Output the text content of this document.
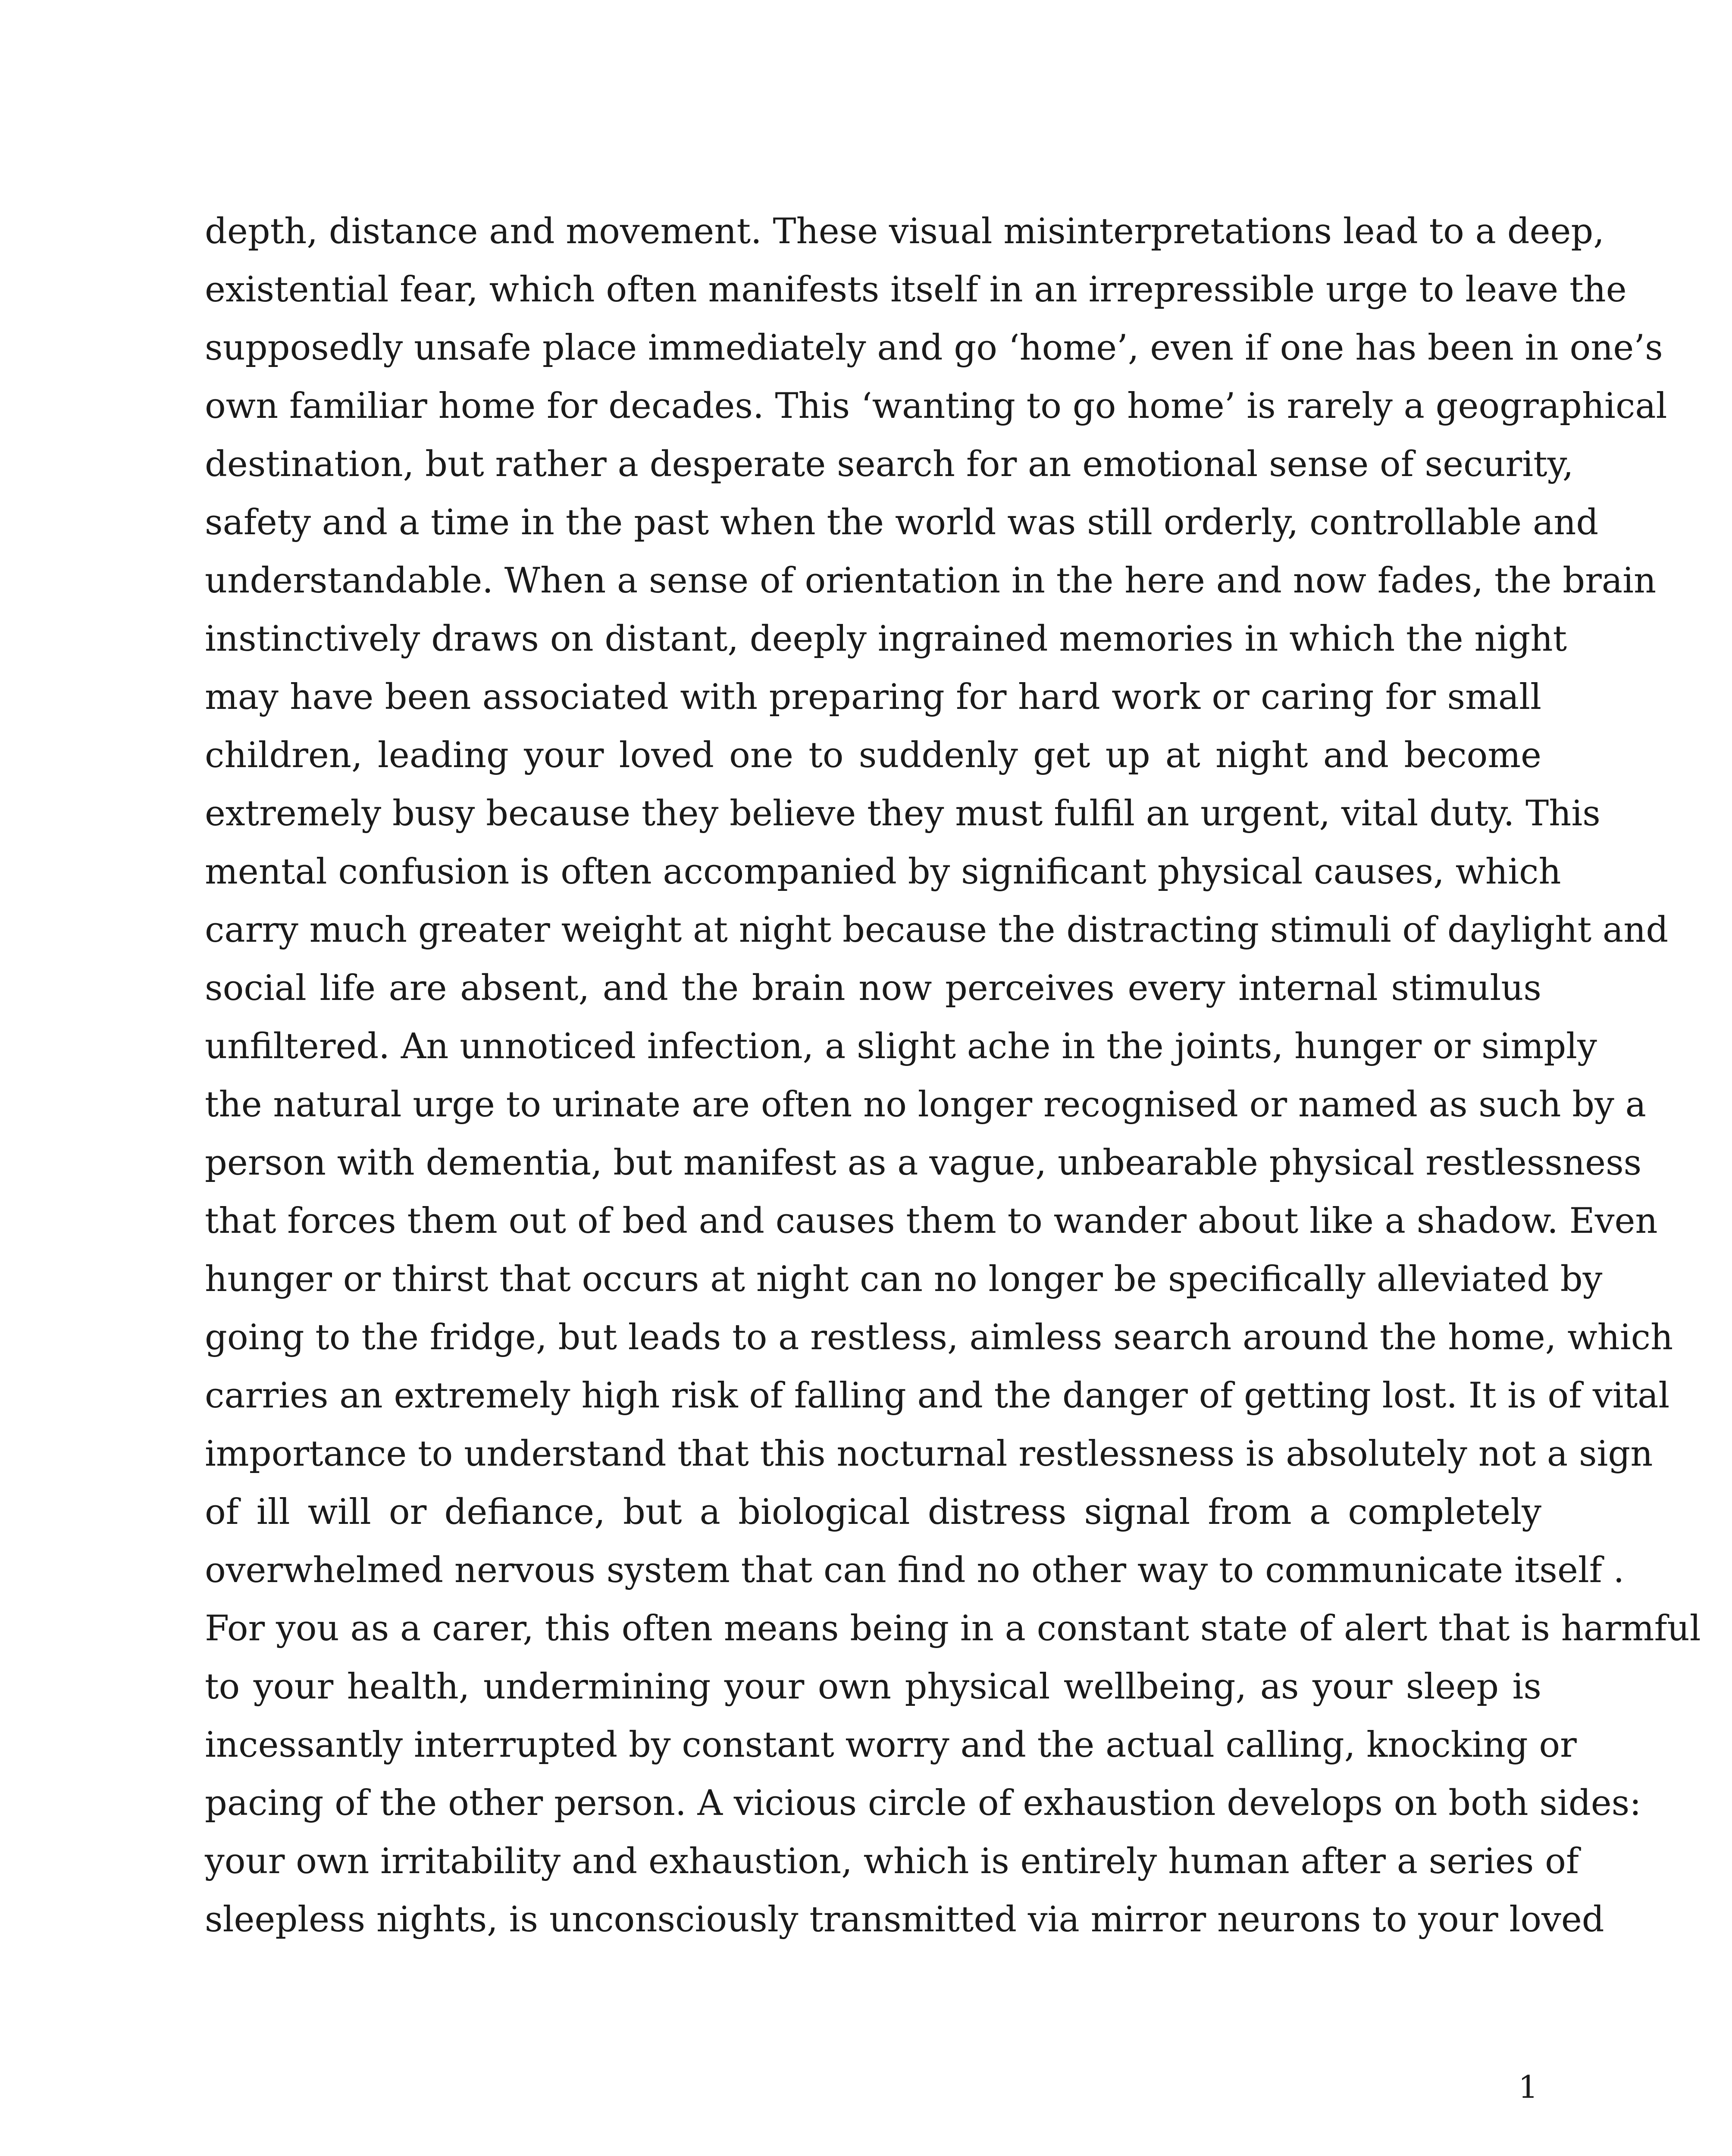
depth, distance and movement. These visual misinterpretations lead to a deep,
existential fear, which often manifests itself in an irrepressible urge to leave the
supposedly unsafe place immediately and go ‘home’, even if one has been in one’s
own familiar home for decades. This ‘wanting to go home’ is rarely a geographical
destination, but rather a desperate search for an emotional sense of security,
safety and a time in the past when the world was still orderly, controllable and
understandable. When a sense of orientation in the here and now fades, the brain
instinctively draws on distant, deeply ingrained memories in which the night
may have been associated with preparing for hard work or caring for small
children, leading your loved one to suddenly get up at night and become
extremely busy because they believe they must fulfil an urgent, vital duty. This
mental confusion is often accompanied by significant physical causes, which
carry much greater weight at night because the distracting stimuli of daylight and
social life are absent, and the brain now perceives every internal stimulus
unfiltered. An unnoticed infection, a slight ache in the joints, hunger or simply
the natural urge to urinate are often no longer recognised or named as such by a
person with dementia, but manifest as a vague, unbearable physical restlessness
that forces them out of bed and causes them to wander about like a shadow. Even
hunger or thirst that occurs at night can no longer be specifically alleviated by
going to the fridge, but leads to a restless, aimless search around the home, which
carries an extremely high risk of falling and the danger of getting lost. It is of vital
importance to understand that this nocturnal restlessness is absolutely not a sign
of ill will or defiance, but a biological distress signal from a completely
overwhelmed nervous system that can find no other way to communicate itself .
For you as a carer, this often means being in a constant state of alert that is harmful
to your health, undermining your own physical wellbeing, as your sleep is
incessantly interrupted by constant worry and the actual calling, knocking or
pacing of the other person. A vicious circle of exhaustion develops on both sides:
your own irritability and exhaustion, which is entirely human after a series of
sleepless nights, is unconsciously transmitted via mirror neurons to your loved
1
